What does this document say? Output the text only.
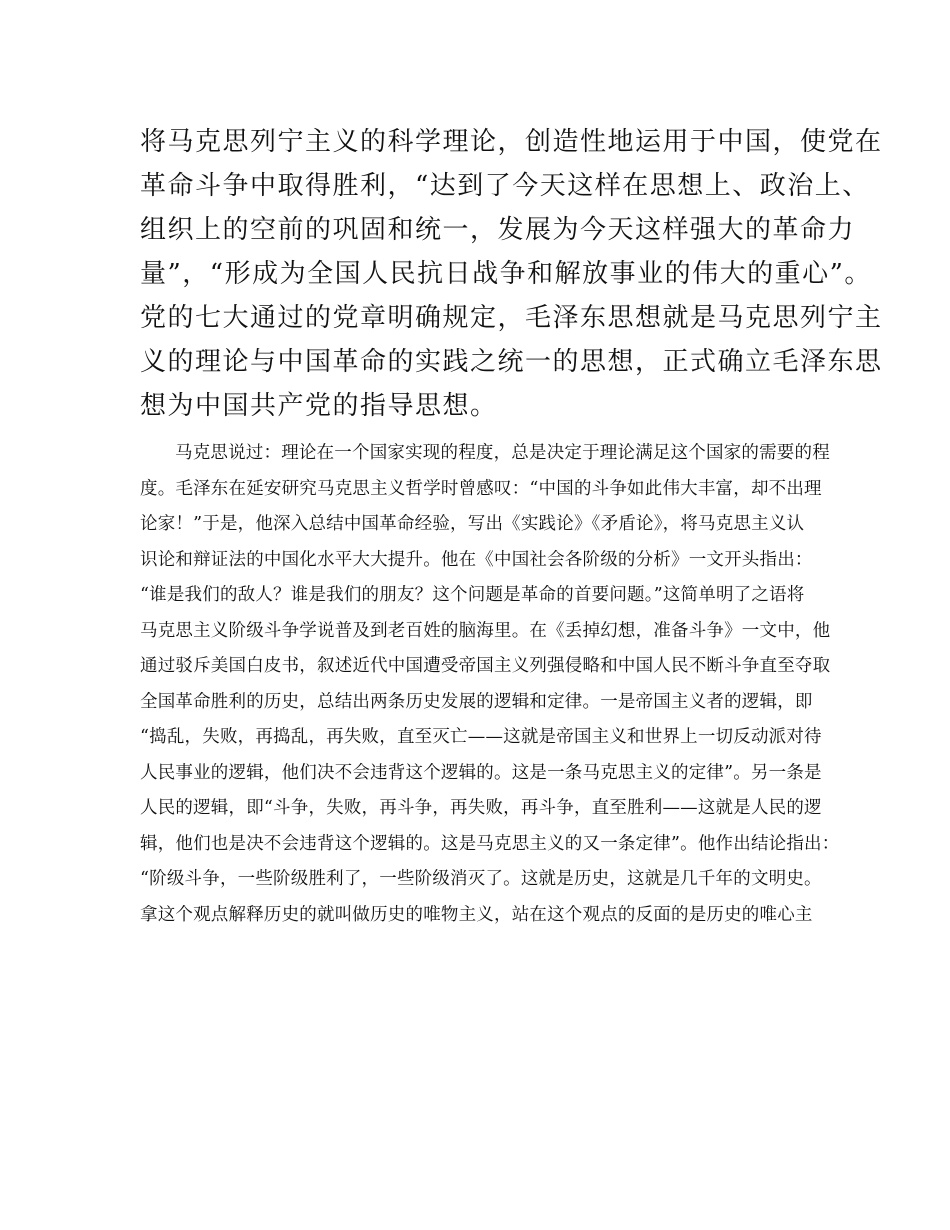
将马克思列宁主义的科学理论，创造性地运用于中国，使党在
革命斗争中取得胜利，“达到了今天这样在思想上、政治上、
组织上的空前的巩固和统一，发展为今天这样强大的革命力
量”，“形成为全国人民抗日战争和解放事业的伟大的重心”。
党的七大通过的党章明确规定，毛泽东思想就是马克思列宁主
义的理论与中国革命的实践之统一的思想，正式确立毛泽东思
想为中国共产党的指导思想。
马克思说过：理论在一个国家实现的程度，总是决定于理论满足这个国家的需要的程
度。毛泽东在延安研究马克思主义哲学时曾感叹：“中国的斗争如此伟大丰富，却不出理
论家！”于是，他深入总结中国革命经验，写出《实践论》《矛盾论》，将马克思主义认
识论和辩证法的中国化水平大大提升。他在《中国社会各阶级的分析》一文开头指出：
“谁是我们的敌人？谁是我们的朋友？这个问题是革命的首要问题。”这简单明了之语将
马克思主义阶级斗争学说普及到老百姓的脑海里。在《丢掉幻想，准备斗争》一文中，他
通过驳斥美国白皮书，叙述近代中国遭受帝国主义列强侵略和中国人民不断斗争直至夺取
全国革命胜利的历史，总结出两条历史发展的逻辑和定律。一是帝国主义者的逻辑，即
“捣乱，失败，再捣乱，再失败，直至灭亡——这就是帝国主义和世界上一切反动派对待
人民事业的逻辑，他们决不会违背这个逻辑的。这是一条马克思主义的定律”。另一条是
人民的逻辑，即“斗争，失败，再斗争，再失败，再斗争，直至胜利——这就是人民的逻
辑，他们也是决不会违背这个逻辑的。这是马克思主义的又一条定律”。他作出结论指出：
“阶级斗争，一些阶级胜利了，一些阶级消灭了。这就是历史，这就是几千年的文明史。
拿这个观点解释历史的就叫做历史的唯物主义，站在这个观点的反面的是历史的唯心主
